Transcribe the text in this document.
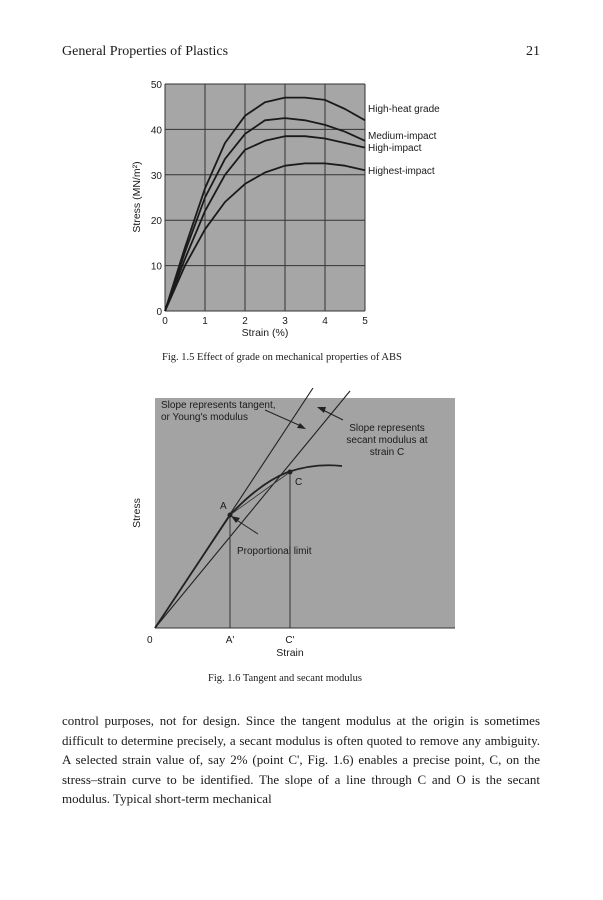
General Properties of Plastics	21
0	1	2	3	4	5
0
10
20
30
40
50
High-heat grade
Medium-impact
High-impact
Highest-impact
Strain (%)
Stress (MN/m²)
Fig. 1.5 Effect of grade on mechanical properties of ABS
Slope represents tangent,
or Young's modulus
Slope represents
secant modulus at
strain C
Proportional limit
A
C
0	A'	C'
Strain
Stress
Fig. 1.6 Tangent and secant modulus

control purposes, not for design. Since the tangent modulus at the origin is sometimes difficult to determine precisely, a secant modulus is often quoted to remove any ambiguity. A selected strain value of, say 2% (point C', Fig. 1.6) enables a precise point, C, on the stress–strain curve to be identified. The slope of a line through C and O is the secant modulus. Typical short-term mechanical
